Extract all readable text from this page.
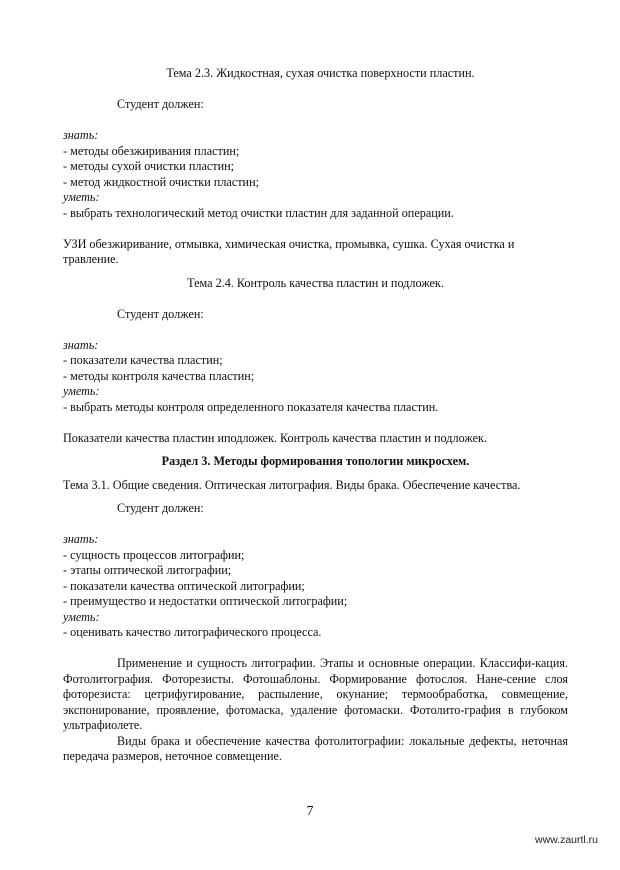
Тема 2.3. Жидкостная, сухая очистка поверхности пластин.
Студент должен:
знать:
- методы обезжиривания пластин;
- методы сухой очистки пластин;
- метод жидкостной очистки пластин;
уметь:
- выбрать технологический метод очистки пластин для заданной операции.
УЗИ обезжиривание, отмывка, химическая очистка, промывка, сушка. Сухая очистка и травление.
Тема 2.4. Контроль качества пластин и подложек.
Студент должен:
знать:
- показатели качества пластин;
- методы контроля качества пластин;
уметь:
- выбрать методы контроля определенного показателя качества пластин.
Показатели качества пластин иподложек. Контроль качества пластин и подложек.
Раздел 3. Методы формирования топологии микросхем.
Тема 3.1. Общие сведения. Оптическая литография. Виды брака. Обеспечение качества.
Студент должен:
знать:
- сущность процессов литографии;
- этапы оптической литографии;
- показатели качества оптической литографии;
- преимущество и недостатки оптической литографии;
уметь:
- оценивать качество литографического процесса.
Применение и сущность литографии. Этапы и основные операции. Классифи-кация. Фотолитография. Фоторезисты. Фотошаблоны. Формирование фотослоя. Нане-сение слоя фоторезиста: цетрифугирование, распыление, окунание; термообработка, совмещение, экспонирование, проявление, фотомаска, удаление фотомаски. Фотолито-графия в глубоком ультрафиолете.
Виды брака и обеспечение качества фотолитографии: локальные дефекты, неточная передача размеров, неточное совмещение.
7
www.zaurtl.ru
